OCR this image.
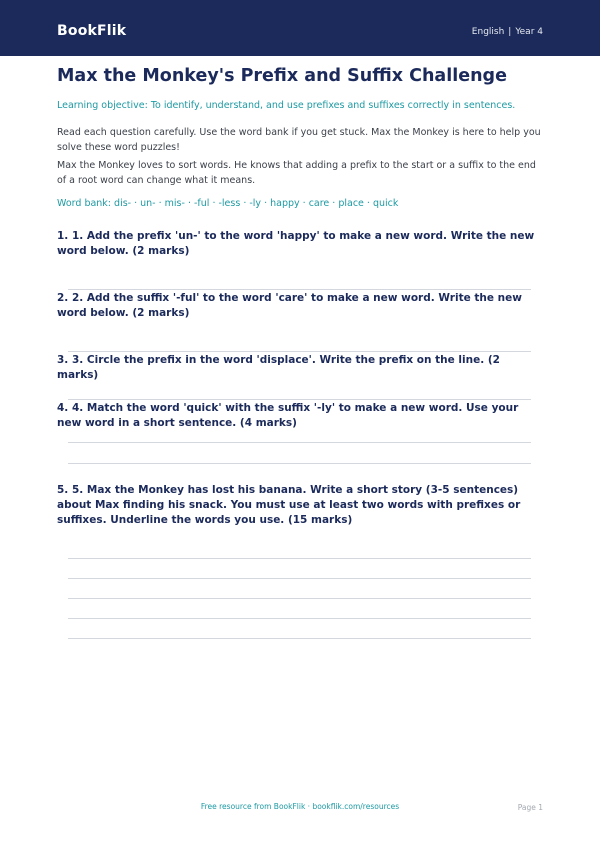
BookFlik	English | Year 4
Max the Monkey's Prefix and Suffix Challenge
Learning objective: To identify, understand, and use prefixes and suffixes correctly in sentences.
Read each question carefully. Use the word bank if you get stuck. Max the Monkey is here to help you solve these word puzzles!
Max the Monkey loves to sort words. He knows that adding a prefix to the start or a suffix to the end of a root word can change what it means.
Word bank: dis- · un- · mis- · -ful · -less · -ly · happy · care · place · quick
1. 1. Add the prefix 'un-' to the word 'happy' to make a new word. Write the new word below. (2 marks)
2. 2. Add the suffix '-ful' to the word 'care' to make a new word. Write the new word below. (2 marks)
3. 3. Circle the prefix in the word 'displace'. Write the prefix on the line. (2 marks)
4. 4. Match the word 'quick' with the suffix '-ly' to make a new word. Use your new word in a short sentence. (4 marks)
5. 5. Max the Monkey has lost his banana. Write a short story (3-5 sentences) about Max finding his snack. You must use at least two words with prefixes or suffixes. Underline the words you use. (15 marks)
Free resource from BookFlik · bookflik.com/resources	Page 1
